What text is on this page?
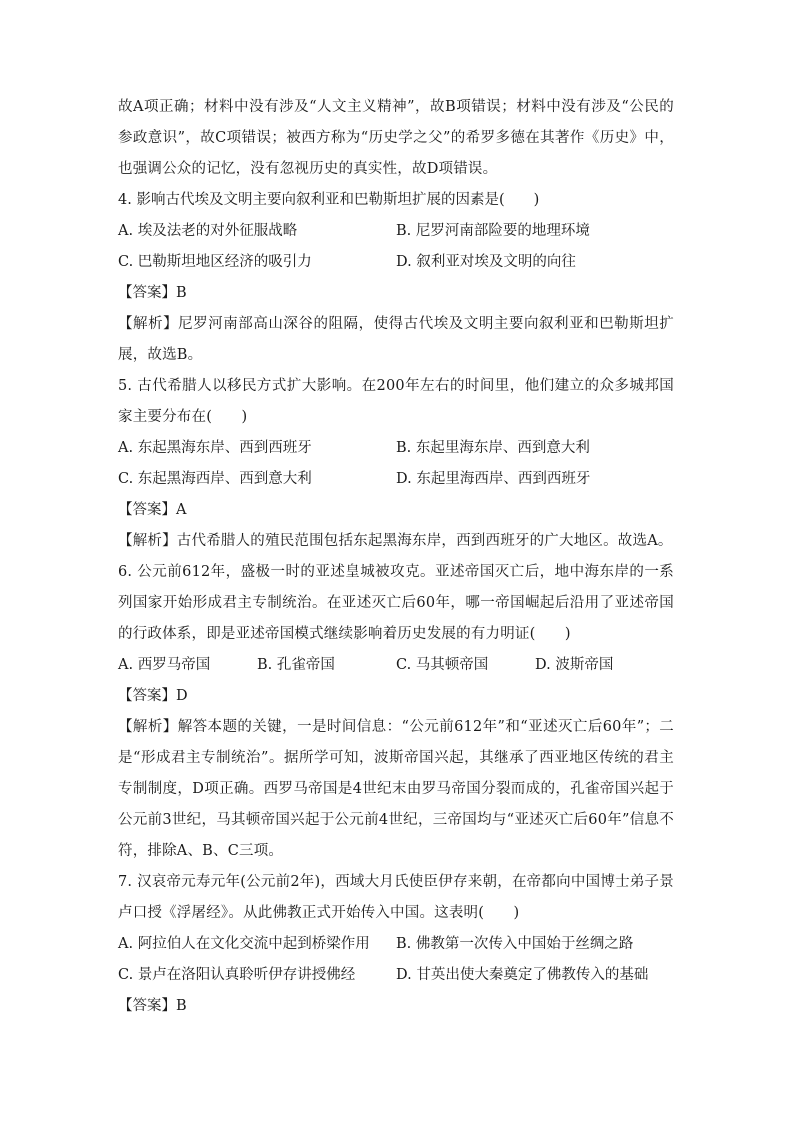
故A项正确；材料中没有涉及“人文主义精神”，故B项错误；材料中没有涉及“公民的参政意识”，故C项错误；被西方称为“历史学之父”的希罗多德在其著作《历史》中，也强调公众的记忆，没有忽视历史的真实性，故D项错误。

4. 影响古代埃及文明主要向叙利亚和巴勒斯坦扩展的因素是(　　)

A. 埃及法老的对外征服战略	B. 尼罗河南部险要的地理环境
C. 巴勒斯坦地区经济的吸引力	D. 叙利亚对埃及文明的向往

【答案】B

【解析】尼罗河南部高山深谷的阻隔，使得古代埃及文明主要向叙利亚和巴勒斯坦扩展，故选B。

5. 古代希腊人以移民方式扩大影响。在200年左右的时间里，他们建立的众多城邦国家主要分布在(　　)

A. 东起黑海东岸、西到西班牙	B. 东起里海东岸、西到意大利
C. 东起黑海西岸、西到意大利	D. 东起里海西岸、西到西班牙

【答案】A

【解析】古代希腊人的殖民范围包括东起黑海东岸，西到西班牙的广大地区。故选A。

6. 公元前612年，盛极一时的亚述皇城被攻克。亚述帝国灭亡后，地中海东岸的一系列国家开始形成君主专制统治。在亚述灭亡后60年，哪一帝国崛起后沿用了亚述帝国的行政体系，即是亚述帝国模式继续影响着历史发展的有力明证(　　)

A. 西罗马帝国	B. 孔雀帝国	C. 马其顿帝国	D. 波斯帝国

【答案】D

【解析】解答本题的关键，一是时间信息：“公元前612年”和“亚述灭亡后60年”；二是“形成君主专制统治”。据所学可知，波斯帝国兴起，其继承了西亚地区传统的君主专制制度，D项正确。西罗马帝国是4世纪末由罗马帝国分裂而成的，孔雀帝国兴起于公元前3世纪，马其顿帝国兴起于公元前4世纪，三帝国均与“亚述灭亡后60年”信息不符，排除A、B、C三项。

7. 汉哀帝元寿元年(公元前2年)，西域大月氏使臣伊存来朝，在帝都向中国博士弟子景卢口授《浮屠经》。从此佛教正式开始传入中国。这表明(　　)

A. 阿拉伯人在文化交流中起到桥梁作用	B. 佛教第一次传入中国始于丝绸之路
C. 景卢在洛阳认真聆听伊存讲授佛经	D. 甘英出使大秦奠定了佛教传入的基础

【答案】B
